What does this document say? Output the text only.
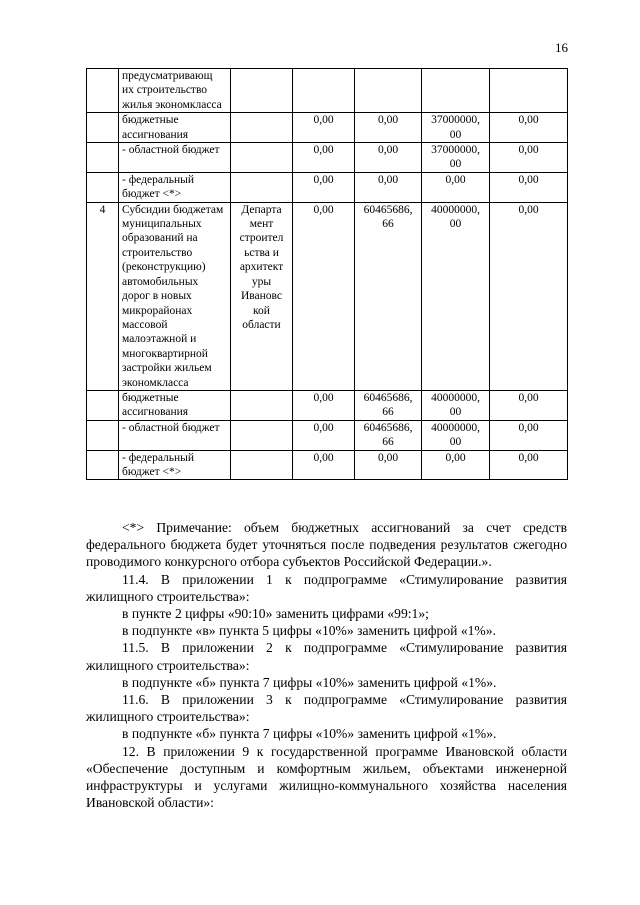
16
	предусматривающ их строительство жилья экономкласса					
	бюджетные ассигнования		0,00	0,00	37000000, 00	0,00
	- областной бюджет		0,00	0,00	37000000, 00	0,00
	- федеральный бюджет <*>		0,00	0,00	0,00	0,00
4	Субсидии бюджетам муниципальных образований на строительство (реконструкцию) автомобильных дорог в новых микрорайонах массовой малоэтажной и многоквартирной застройки жильем экономкласса	Департа мент строител ьства и архитект уры Ивановс кой области	0,00	60465686, 66	40000000, 00	0,00
	бюджетные ассигнования		0,00	60465686, 66	40000000, 00	0,00
	- областной бюджет		0,00	60465686, 66	40000000, 00	0,00
	- федеральный бюджет <*>		0,00	0,00	0,00	0,00

<*> Примечание: объем бюджетных ассигнований за счет средств федерального бюджета будет уточняться после подведения результатов сжегодно проводимого конкурсного отбора субъектов Российской Федерации.».

11.4. В приложении 1 к подпрограмме «Стимулирование развития жилищного строительства»:

в пункте 2 цифры «90:10» заменить цифрами «99:1»;

в подпункте «в» пункта 5 цифры «10%» заменить цифрой «1%».

11.5. В приложении 2 к подпрограмме «Стимулирование развития жилищного строительства»:

в подпункте «б» пункта 7 цифры «10%» заменить цифрой «1%».

11.6. В приложении 3 к подпрограмме «Стимулирование развития жилищного строительства»:

в подпункте «б» пункта 7 цифры «10%» заменить цифрой «1%».

12. В приложении 9 к государственной программе Ивановской области «Обеспечение доступным и комфортным жильем, объектами инженерной инфраструктуры и услугами жилищно-коммунального хозяйства населения Ивановской области»:
